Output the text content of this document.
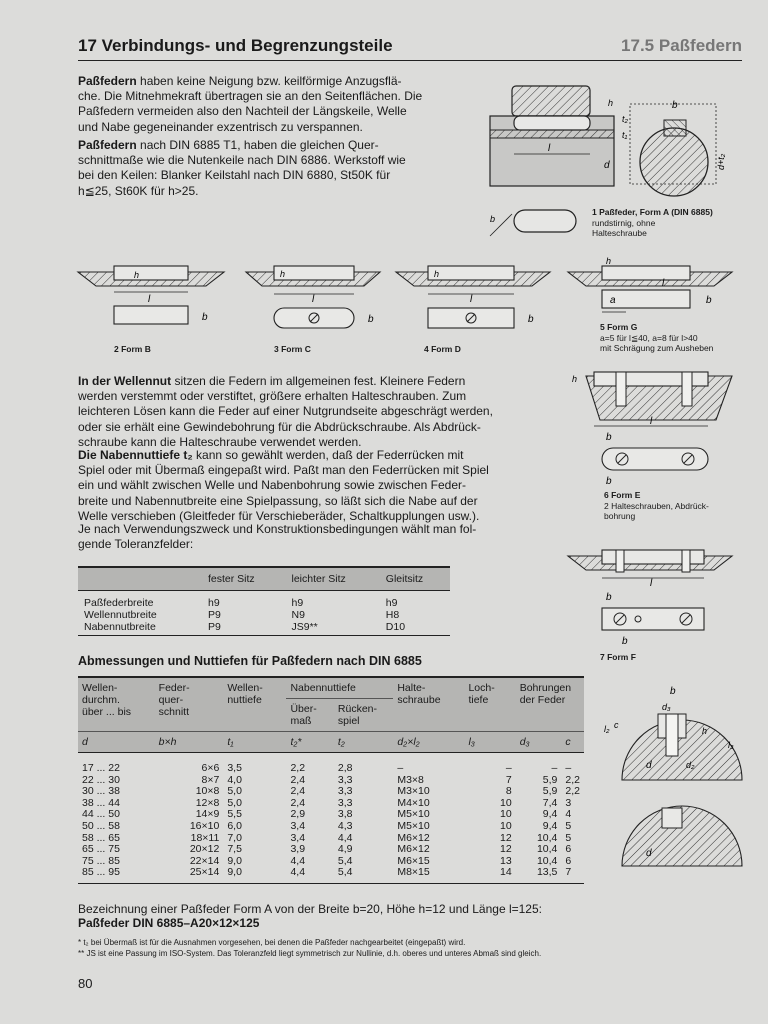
17 Verbindungs- und Begrenzungsteile	17.5 Paßfedern
Paßfedern haben keine Neigung bzw. keilförmige Anzugsflä-
che. Die Mitnehmekraft übertragen sie an den Seitenflächen. Die
Paßfedern vermeiden also den Nachteil der Längskeile, Welle
und Nabe gegeneinander exzentrisch zu verspannen.
Paßfedern nach DIN 6885 T1, haben die gleichen Quer-
schnittmaße wie die Nutenkeile nach DIN 6886. Werkstoff wie
bei den Keilen: Blanker Keilstahl nach DIN 6880, St50K für
h≦25, St60K für h>25.
l
d
h
t₂
t₁
b
d+t₂
b
1 Paßfeder, Form A (DIN 6885)
rundstirnig, ohne
Halteschraube
l
h
b
2 Form B
h
l
b
3 Form C
h
l
b
4 Form D
h
a
l
b
5 Form G
a=5 für l≦40, a=8 für l>40
mit Schrägung zum Ausheben
In der Wellennut sitzen die Federn im allgemeinen fest. Kleinere Federn
werden verstemmt oder verstiftet, größere erhalten Halteschrauben. Zum
leichteren Lösen kann die Feder auf einer Nutgrundseite abgeschrägt werden,
oder sie erhält eine Gewindebohrung für die Abdrückschraube. Als Abdrück-
schraube kann die Halteschraube verwendet werden.
Die Nabennuttiefe t₂ kann so gewählt werden, daß der Federrücken mit
Spiel oder mit Übermaß eingepaßt wird. Paßt man den Federrücken mit Spiel
ein und wählt zwischen Welle und Nabenbohrung sowie zwischen Feder-
breite und Nabennutbreite eine Spielpassung, so läßt sich die Nabe auf der
Welle verschieben (Gleitfeder für Verschieberäder, Schaltkupplungen usw.).
Je nach Verwendungszweck und Konstruktionsbedingungen wählt man fol-
gende Toleranzfelder:
h
l
b
b
6 Form E
2 Halteschrauben, Abdrück-
bohrung
l
b
b
7 Form F
	fester Sitz	leichter Sitz	Gleitsitz
Paßfederbreite	h9	h9	h9
Wellennutbreite	P9	N9	H8
Nabennutbreite	P9	JS9**	D10
Abmessungen und Nuttiefen für Paßfedern nach DIN 6885
Wellen-
durchm.
über ... bis	Feder-
quer-
schnitt	Wellen-
nuttiefe	Nabennuttiefe		Halte-
schraube	Loch-
tiefe	Bohrungen
der Feder	
			Über-
maß	Rücken-
spiel				
d	b×h	t₁	t₂*	t₂	d₂×l₂	l₃	d₃	c
17 ... 22	6×6	3,5	2,2	2,8	–	–	–	–
22 ... 30	8×7	4,0	2,4	3,3	M3×8	7	5,9	2,2
30 ... 38	10×8	5,0	2,4	3,3	M3×10	8	5,9	2,2
38 ... 44	12×8	5,0	2,4	3,3	M4×10	10	7,4	3
44 ... 50	14×9	5,5	2,9	3,8	M5×10	10	9,4	4
50 ... 58	16×10	6,0	3,4	4,3	M5×10	10	9,4	5
58 ... 65	18×11	7,0	3,4	4,4	M6×12	12	10,4	5
65 ... 75	20×12	7,5	3,9	4,9	M6×12	12	10,4	6
75 ... 85	22×14	9,0	4,4	5,4	M6×15	13	10,4	6
85 ... 95	25×14	9,0	4,4	5,4	M8×15	14	13,5	7
b
d₃
l₂ c
h
l₃
d	d₂
d
Bezeichnung einer Paßfeder Form A von der Breite b=20, Höhe h=12 und Länge l=125:
Paßfeder DIN 6885–A20×12×125
* t₂ bei Übermaß ist für die Ausnahmen vorgesehen, bei denen die Paßfeder nachgearbeitet (eingepaßt) wird.
** JS ist eine Passung im ISO-System. Das Toleranzfeld liegt symmetrisch zur Nullinie, d.h. oberes und unteres Abmaß sind gleich.
80
